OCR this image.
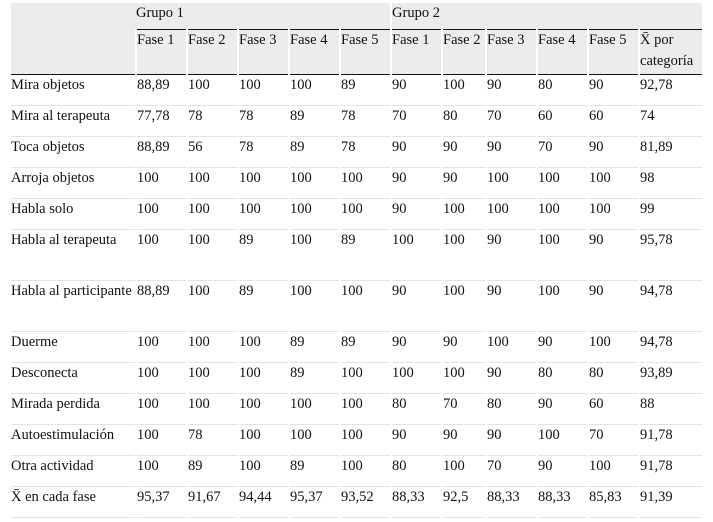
	Grupo 1					Grupo 2					
	Fase 1	Fase 2	Fase 3	Fase 4	Fase 5	Fase 1	Fase 2	Fase 3	Fase 4	Fase 5	X̄ por categoría
Mira objetos	88,89	100	100	100	89	90	100	90	80	90	92,78
Mira al terapeuta	77,78	78	78	89	78	70	80	70	60	60	74
Toca objetos	88,89	56	78	89	78	90	90	90	70	90	81,89
Arroja objetos	100	100	100	100	100	90	90	100	100	100	98
Habla solo	100	100	100	100	100	90	100	100	100	100	99
Habla al terapeuta	100	100	89	100	89	100	100	90	100	90	95,78
Habla al participante	88,89	100	89	100	100	90	100	90	100	90	94,78
Duerme	100	100	100	89	89	90	90	100	90	100	94,78
Desconecta	100	100	100	89	100	100	100	90	80	80	93,89
Mirada perdida	100	100	100	100	100	80	70	80	90	60	88
Autoestimulación	100	78	100	100	100	90	90	90	100	70	91,78
Otra actividad	100	89	100	89	100	80	100	70	90	100	91,78
X̄ en cada fase	95,37	91,67	94,44	95,37	93,52	88,33	92,5	88,33	88,33	85,83	91,39
